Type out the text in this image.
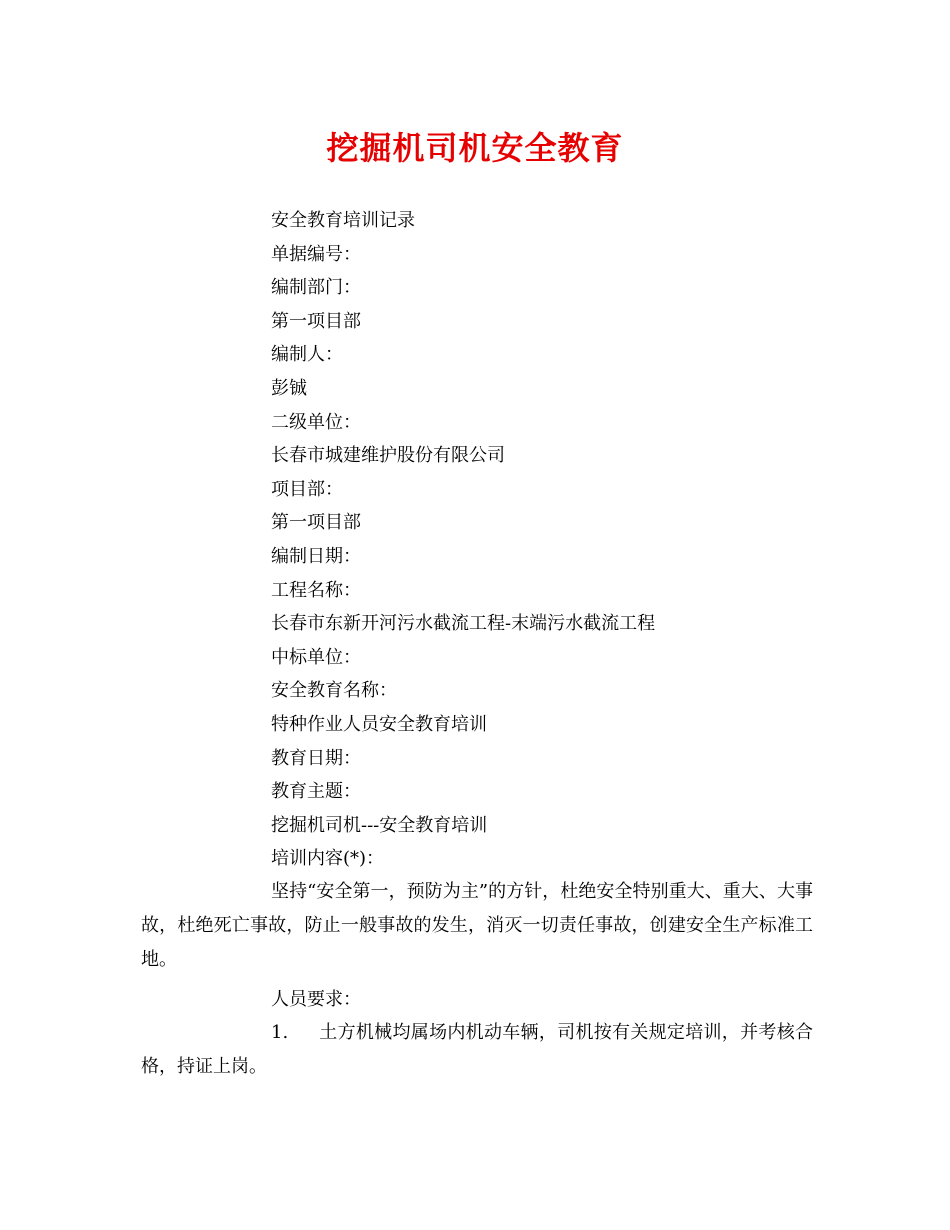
挖掘机司机安全教育
安全教育培训记录
单据编号：
编制部门：
第一项目部
编制人：
彭铖
二级单位：
长春市城建维护股份有限公司
项目部：
第一项目部
编制日期：
工程名称：
长春市东新开河污水截流工程-末端污水截流工程
中标单位：
安全教育名称：
特种作业人员安全教育培训
教育日期：
教育主题：
挖掘机司机---安全教育培训
培训内容(*)：

坚持“安全第一，预防为主”的方针，杜绝安全特别重大、重大、大事故，杜绝死亡事故，防止一般事故的发生，消灭一切责任事故，创建安全生产标准工地。

人员要求：

1. 土方机械均属场内机动车辆，司机按有关规定培训，并考核合格，持证上岗。
